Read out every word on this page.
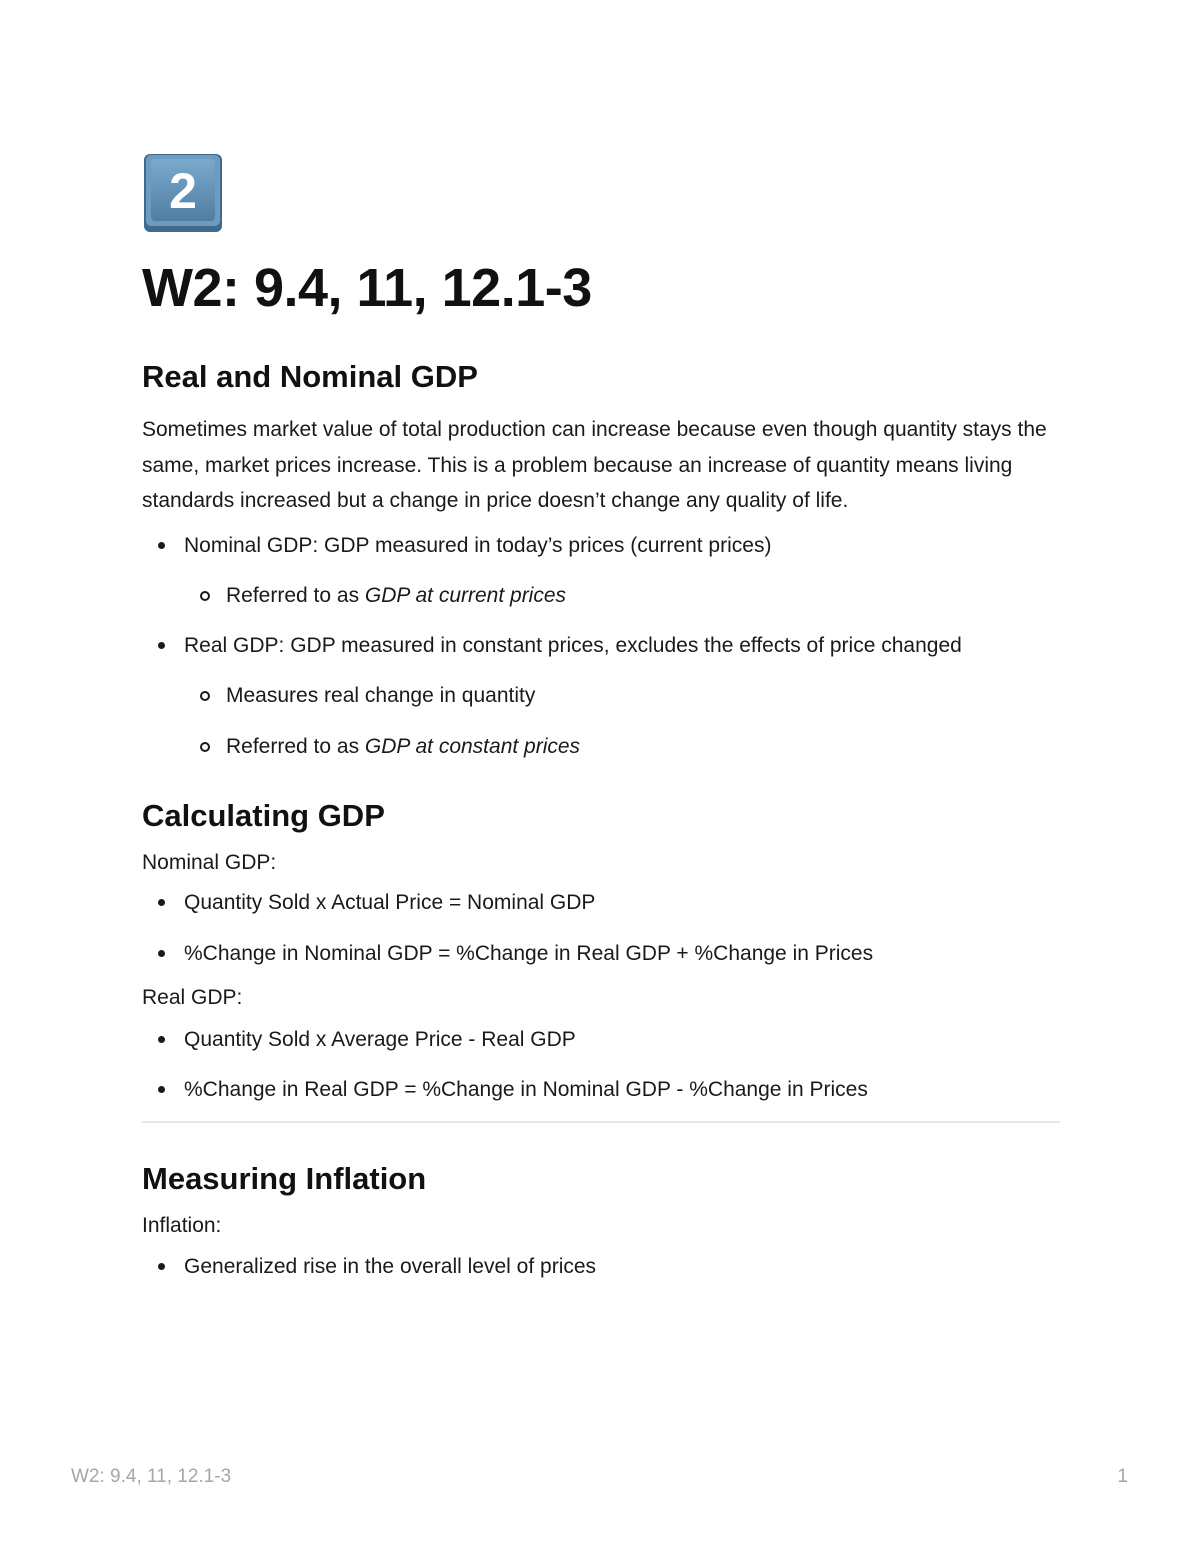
2
W2: 9.4, 11, 12.1-3
Real and Nominal GDP

Sometimes market value of total production can increase because even though quantity stays the same, market prices increase. This is a problem because an increase of quantity means living standards increased but a change in price doesn’t change any quality of life.

Nominal GDP: GDP measured in today’s prices (current prices)
Referred to as GDP at current prices
Real GDP: GDP measured in constant prices, excludes the effects of price changed
Measures real change in quantity
Referred to as GDP at constant prices
Calculating GDP

Nominal GDP:

Quantity Sold x Actual Price = Nominal GDP
%Change in Nominal GDP = %Change in Real GDP + %Change in Prices

Real GDP:

Quantity Sold x Average Price - Real GDP
%Change in Real GDP = %Change in Nominal GDP - %Change in Prices
Measuring Inflation

Inflation:

Generalized rise in the overall level of prices
W2: 9.4, 11, 12.1-3	1
